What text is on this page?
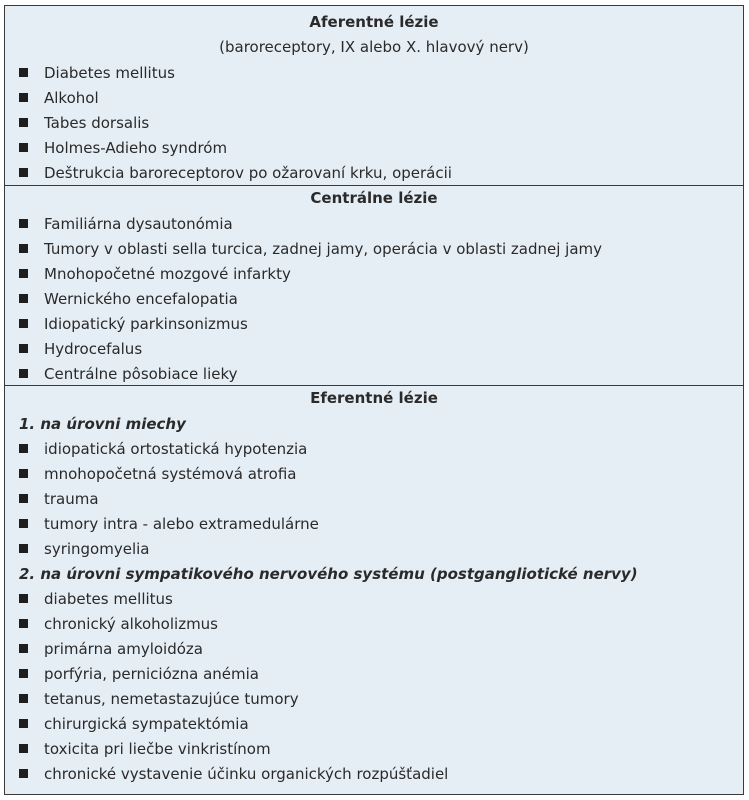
Aferentné lézie
(baroreceptory, IX alebo X. hlavový nerv)
Diabetes mellitus
Alkohol
Tabes dorsalis
Holmes-Adieho syndróm
Deštrukcia baroreceptorov po ožarovaní krku, operácii
Centrálne lézie
Familiárna dysautonómia
Tumory v oblasti sella turcica, zadnej jamy, operácia v oblasti zadnej jamy
Mnohopočetné mozgové infarkty
Wernického encefalopatia
Idiopatický parkinsonizmus
Hydrocefalus
Centrálne pôsobiace lieky
Eferentné lézie
1. na úrovni miechy
idiopatická ortostatická hypotenzia
mnohopočetná systémová atrofia
trauma
tumory intra - alebo extramedulárne
syringomyelia
2. na úrovni sympatikového nervového systému (postgangliotické nervy)
diabetes mellitus
chronický alkoholizmus
primárna amyloidóza
porfýria, perniciózna anémia
tetanus, nemetastazujúce tumory
chirurgická sympatektómia
toxicita pri liečbe vinkristínom
chronické vystavenie účinku organických rozpúšťadiel
